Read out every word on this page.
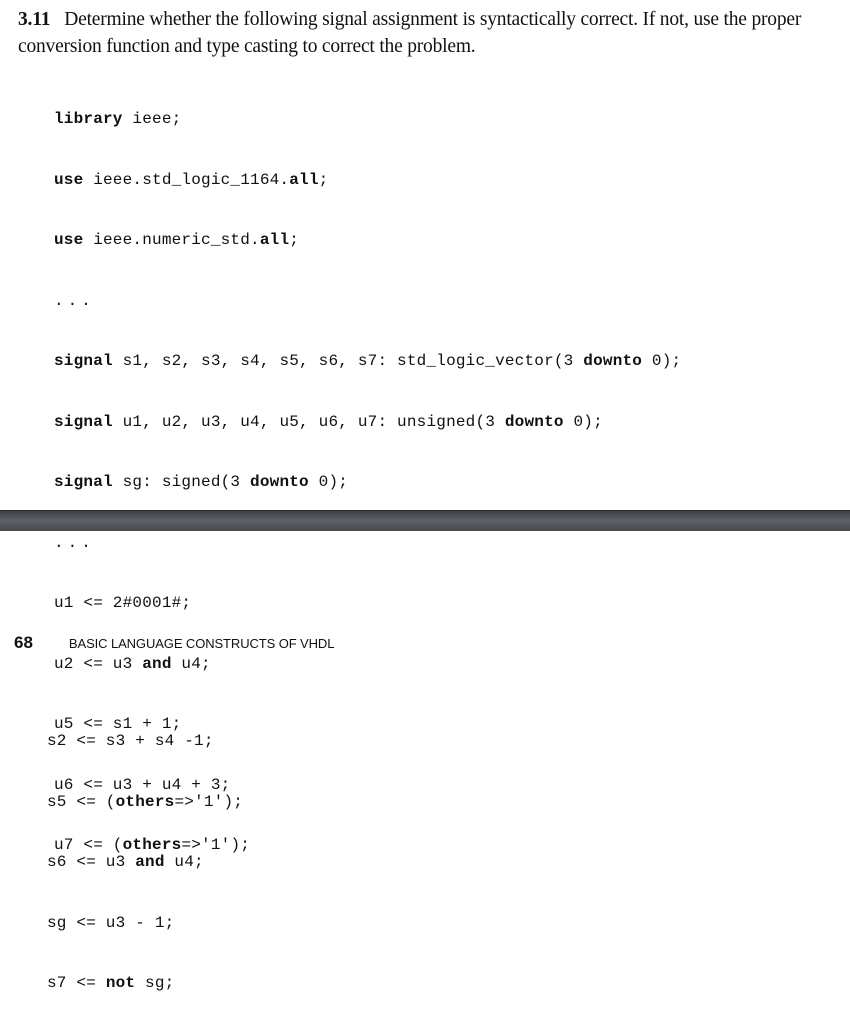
3.11 Determine whether the following signal assignment is syntactically correct. If not, use the proper conversion function and type casting to correct the problem.

library ieee;

use ieee.std_logic_1164.all;

use ieee.numeric_std.all;

...

signal s1, s2, s3, s4, s5, s6, s7: std_logic_vector(3 downto 0);

signal u1, u2, u3, u4, u5, u6, u7: unsigned(3 downto 0);

signal sg: signed(3 downto 0);

...

u1 <= 2#0001#;

u2 <= u3 and u4;

u5 <= s1 + 1;

u6 <= u3 + u4 + 3;

u7 <= (others=>'1');

68	BASIC LANGUAGE CONSTRUCTS OF VHDL

s2 <= s3 + s4 -1;

s5 <= (others=>'1');

s6 <= u3 and u4;

sg <= u3 - 1;

s7 <= not sg;
